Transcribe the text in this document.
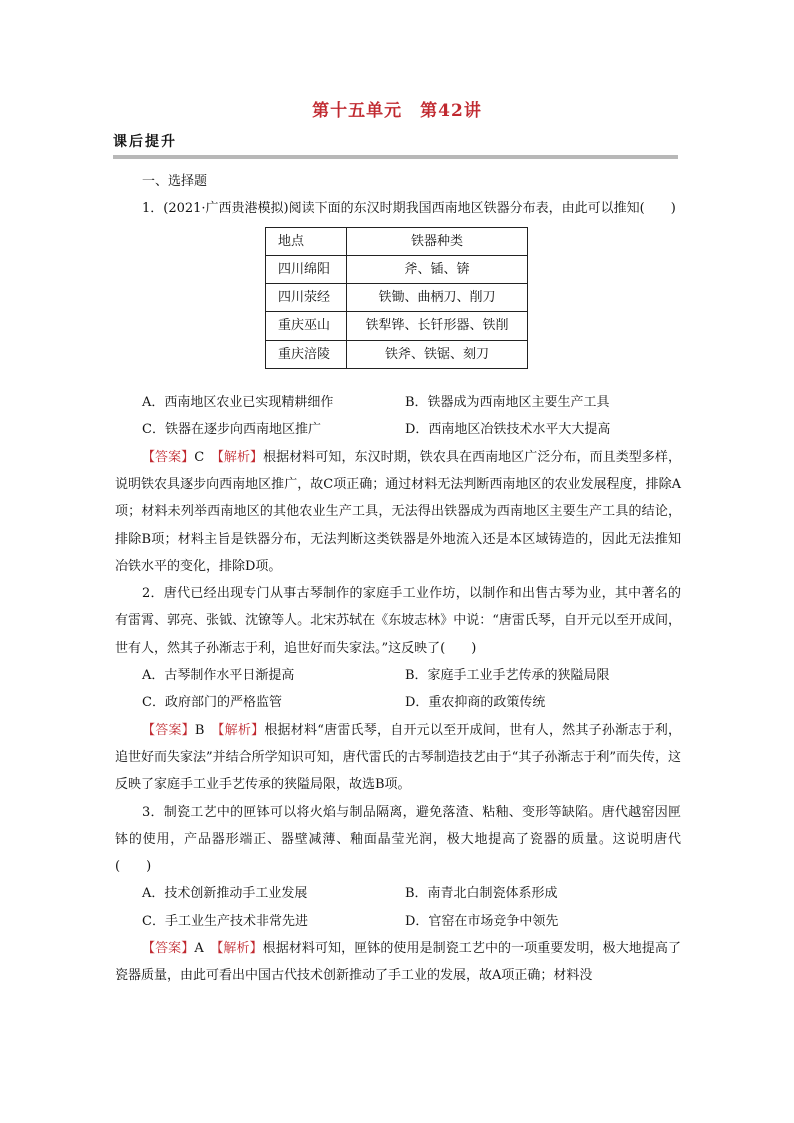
第十五单元　第42讲
课后提升

一、选择题

1．(2021·广西贵港模拟)阅读下面的东汉时期我国西南地区铁器分布表，由此可以推知(　　)

地点	铁器种类
四川绵阳	斧、锸、锛
四川荥经	铁锄、曲柄刀、削刀
重庆巫山	铁犁铧、长钎形器、铁削
重庆涪陵	铁斧、铁锯、刻刀
A．西南地区农业已实现精耕细作	B．铁器成为西南地区主要生产工具
C．铁器在逐步向西南地区推广	D．西南地区冶铁技术水平大大提高

【答案】C　【解析】根据材料可知，东汉时期，铁农具在西南地区广泛分布，而且类型多样，说明铁农具逐步向西南地区推广，故C项正确；通过材料无法判断西南地区的农业发展程度，排除A项；材料未列举西南地区的其他农业生产工具，无法得出铁器成为西南地区主要生产工具的结论，排除B项；材料主旨是铁器分布，无法判断这类铁器是外地流入还是本区域铸造的，因此无法推知冶铁水平的变化，排除D项。

2．唐代已经出现专门从事古琴制作的家庭手工业作坊，以制作和出售古琴为业，其中著名的有雷霄、郭亮、张钺、沈镣等人。北宋苏轼在《东坡志林》中说：“唐雷氏琴，自开元以至开成间，世有人，然其子孙渐志于利，追世好而失家法。”这反映了(　　)

A．古琴制作水平日渐提高	B．家庭手工业手艺传承的狭隘局限
C．政府部门的严格监管	D．重农抑商的政策传统

【答案】B　【解析】根据材料“唐雷氏琴，自开元以至开成间，世有人，然其子孙渐志于利，追世好而失家法”并结合所学知识可知，唐代雷氏的古琴制造技艺由于“其子孙渐志于利”而失传，这反映了家庭手工业手艺传承的狭隘局限，故选B项。

3．制瓷工艺中的匣钵可以将火焰与制品隔离，避免落渣、粘釉、变形等缺陷。唐代越窑因匣钵的使用，产品器形端正、器壁减薄、釉面晶莹光润，极大地提高了瓷器的质量。这说明唐代(　　)

A．技术创新推动手工业发展	B．南青北白制瓷体系形成
C．手工业生产技术非常先进	D．官窑在市场竞争中领先

【答案】A　【解析】根据材料可知，匣钵的使用是制瓷工艺中的一项重要发明，极大地提高了瓷器质量，由此可看出中国古代技术创新推动了手工业的发展，故A项正确；材料没
